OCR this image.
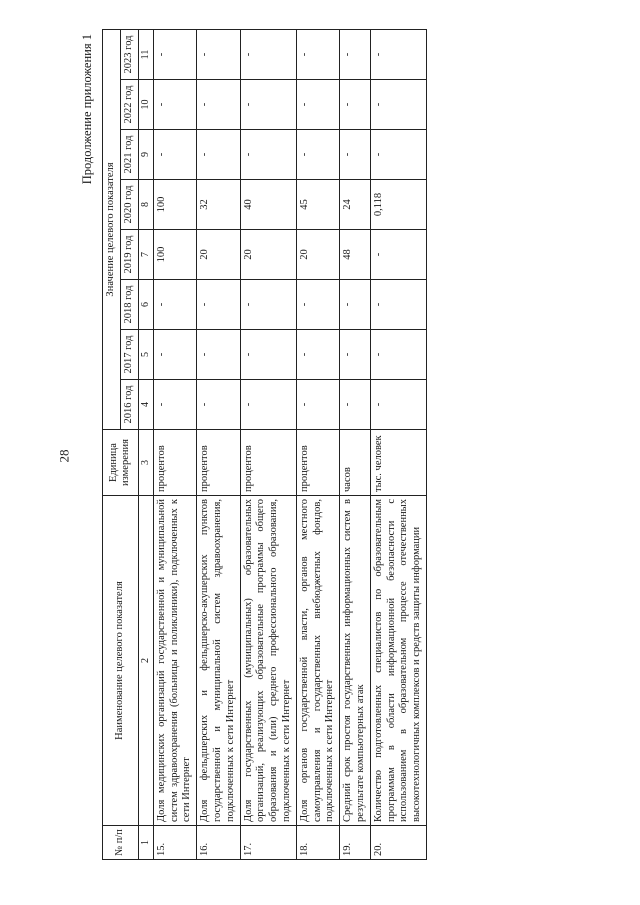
28
Продолжение приложения 1
№ п/п	Наименование целевого показателя	Единица измерения	Значение целевого показателя							
			2016 год	2017 год	2018 год	2019 год	2020 год	2021 год	2022 год	2023 год
1	2	3	4	5	6	7	8	9	10	11
15.	Доля медицинских организаций государственной и муниципальной систем здравоохранения (больницы и поликлиники), подключенных к сети Интернет	процентов	-	-	-	100	100	-	-	-
16.	Доля фельдшерских и фельдшерско-акушерских пунктов государственной и муниципальной систем здравоохранения, подключенных к сети Интернет	процентов	-	-	-	20	32	-	-	-
17.	Доля государственных (муниципальных) образовательных организаций, реализующих образовательные программы общего образования и (или) среднего профессионального образования, подключенных к сети Интернет	процентов	-	-	-	20	40	-	-	-
18.	Доля органов государственной власти, органов местного самоуправления и государственных внебюджетных фондов, подключенных к сети Интернет	процентов	-	-	-	20	45	-	-	-
19.	Средний срок простоя государственных информационных систем в результате компьютерных атак	часов	-	-	-	48	24	-	-	-
20.	Количество подготовленных специалистов по образовательным программам в области информационной безопасности с использованием в образовательном процессе отечественных высокотехнологичных комплексов и средств защиты информации	тыс. человек	-	-	-	-	0,118	-	-	-
